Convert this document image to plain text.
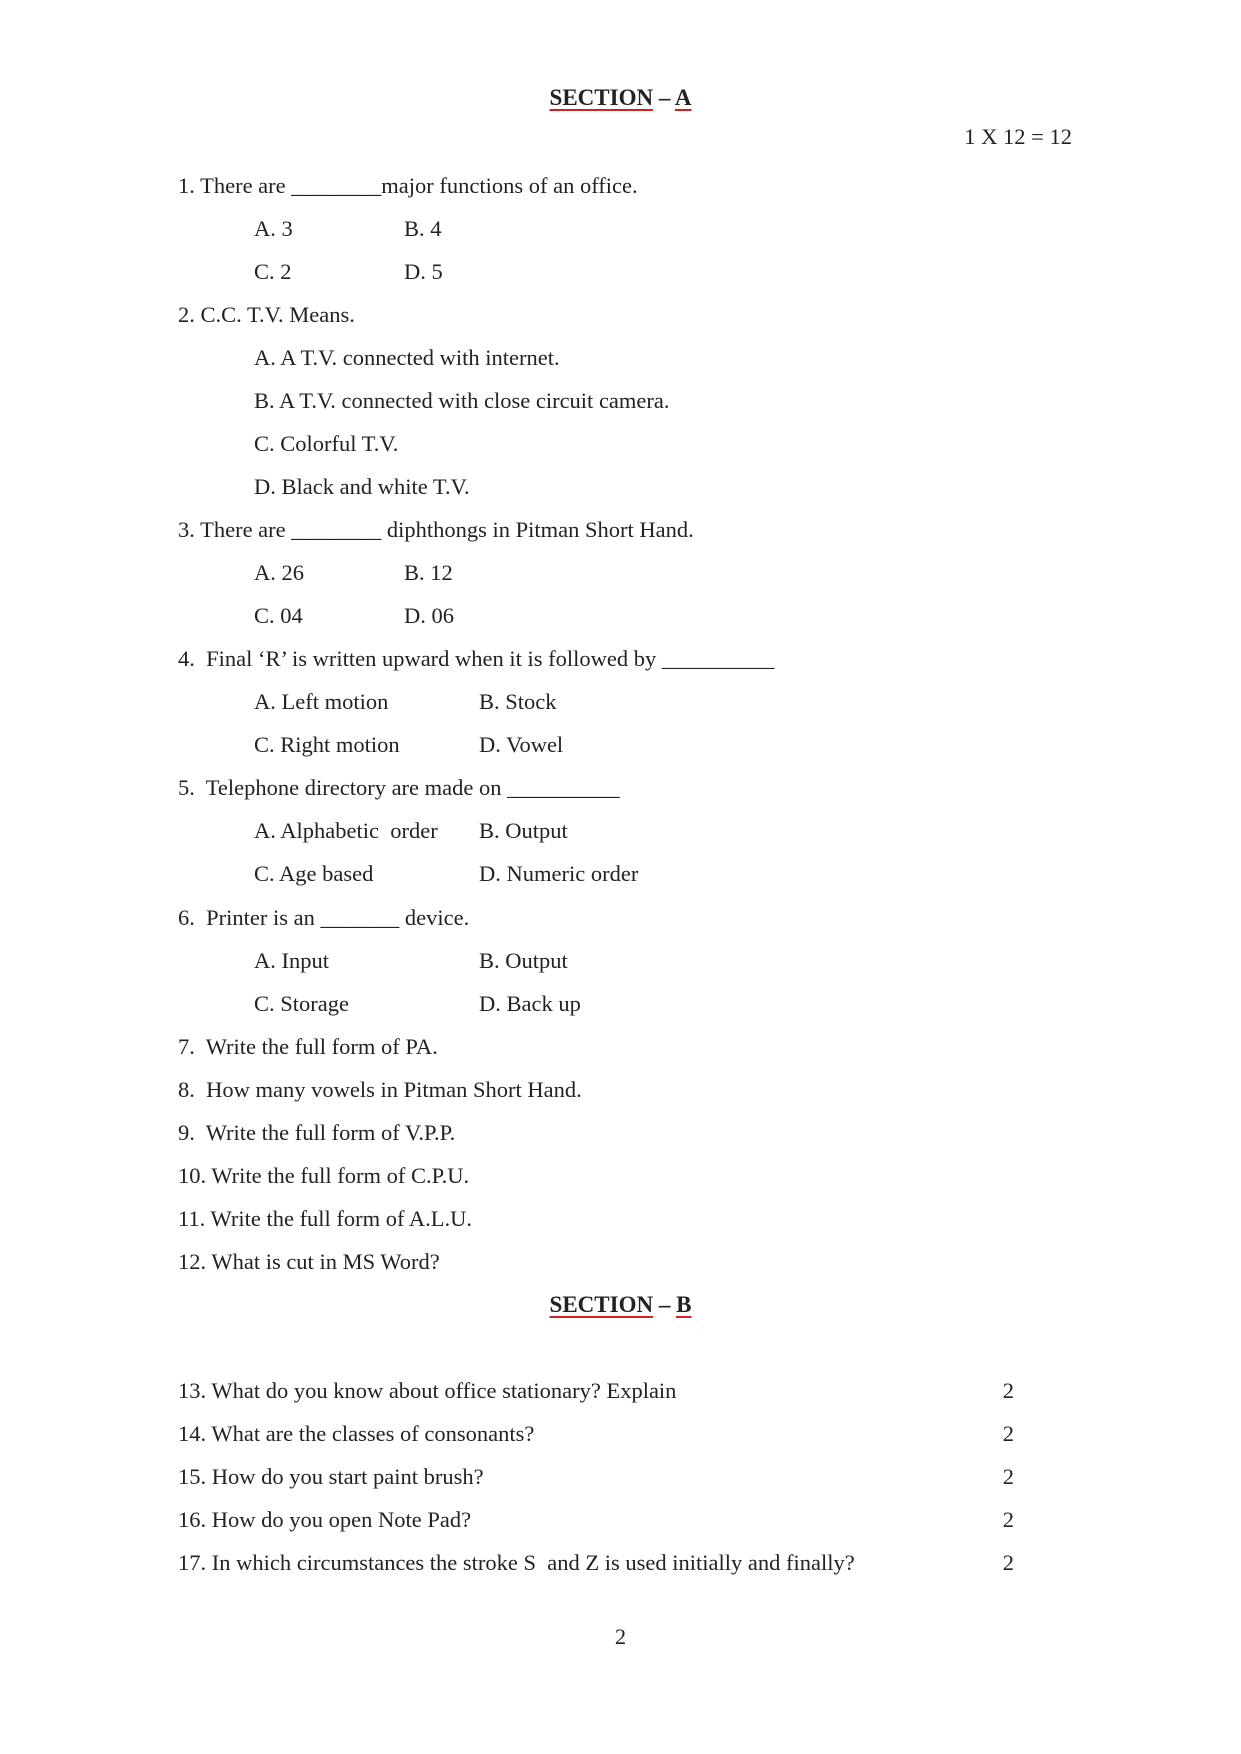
SECTION – A
1 X 12 = 12
1. There are ________major functions of an office.
A. 3	B. 4
C. 2	D. 5
2. C.C. T.V. Means.
A. A T.V. connected with internet.
B. A T.V. connected with close circuit camera.
C. Colorful T.V.
D. Black and white T.V.
3. There are ________ diphthongs in Pitman Short Hand.
A. 26	B. 12
C. 04	D. 06
4.  Final ‘R’ is written upward when it is followed by __________
A. Left motion	B. Stock
C. Right motion	D. Vowel
5.  Telephone directory are made on __________
A. Alphabetic  order B. Output
C. Age based	D. Numeric order
6.  Printer is an _______ device.
A. Input	B. Output
C. Storage	D. Back up
7.  Write the full form of PA.
8.  How many vowels in Pitman Short Hand.
9.  Write the full form of V.P.P.
10. Write the full form of C.P.U.
11. Write the full form of A.L.U.
12. What is cut in MS Word?
SECTION – B
13. What do you know about office stationary? Explain	2
14. What are the classes of consonants?	2
15. How do you start paint brush?	2
16. How do you open Note Pad?	2
17. In which circumstances the stroke S  and Z is used initially and finally?	2
2
